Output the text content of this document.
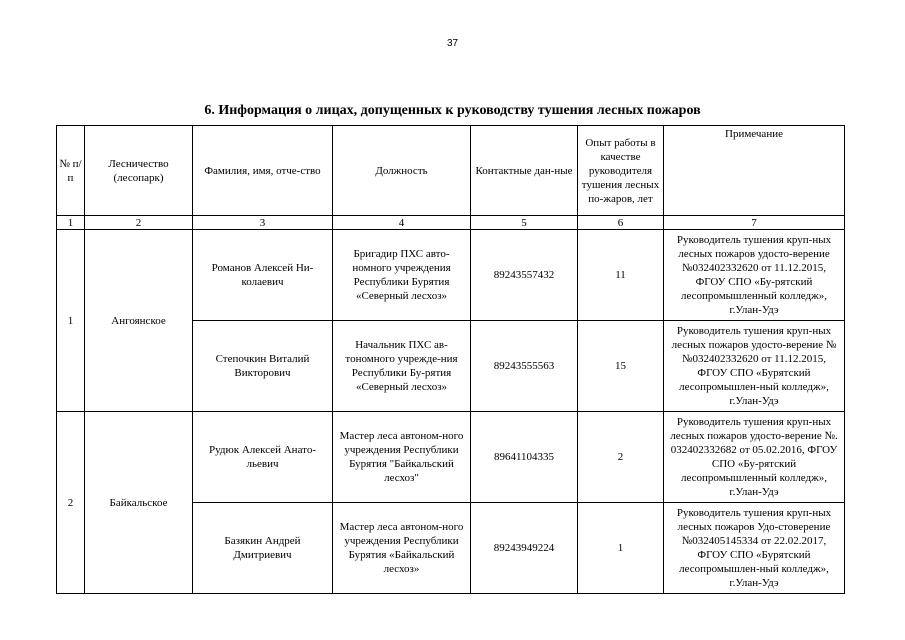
37
6. Информация о лицах, допущенных к руководству тушения лесных пожаров
№ п/п	Лесничество (лесопарк)	Фамилия, имя, отче-ство	Должность	Контактные дан-ные	Опыт работы в качестве руководителя тушения лесных по-жаров, лет	Примечание
1	2	3	4	5	6	7
1	Ангоянское	Романов Алексей Ни-колаевич	Бригадир ПХС авто-номного учреждения Республики Бурятия «Северный лесхоз»	89243557432	11	Руководитель тушения круп-ных лесных пожаров удосто-верение №032402332620 от 11.12.2015, ФГОУ СПО «Бу-рятский лесопромышленный колледж», г.Улан-Удэ
		Степочкин Виталий Викторович	Начальник ПХС ав-тономного учрежде-ния Республики Бу-рятия «Северный лесхоз»	89243555563	15	Руководитель тушения круп-ных лесных пожаров удосто-верение № №032402332620 от 11.12.2015, ФГОУ СПО «Бурятский лесопромышлен-ный колледж», г.Улан-Удэ
2	Байкальское	Рудюк Алексей Анато-льевич	Мастер леса автоном-ного учреждения Республики Бурятия "Байкальский лесхоз"	89641104335	2	Руководитель тушения круп-ных лесных пожаров удосто-верение №. 032402332682 от 05.02.2016, ФГОУ СПО «Бу-рятский лесопромышленный колледж», г.Улан-Удэ
		Базякин Андрей Дмитриевич	Мастер леса автоном-ного учреждения Республики Бурятия «Байкальский лесхоз»	89243949224	1	Руководитель тушения круп-ных лесных пожаров Удо-стоверение №032405145334 от 22.02.2017, ФГОУ СПО «Бурятский лесопромышлен-ный колледж», г.Улан-Удэ
